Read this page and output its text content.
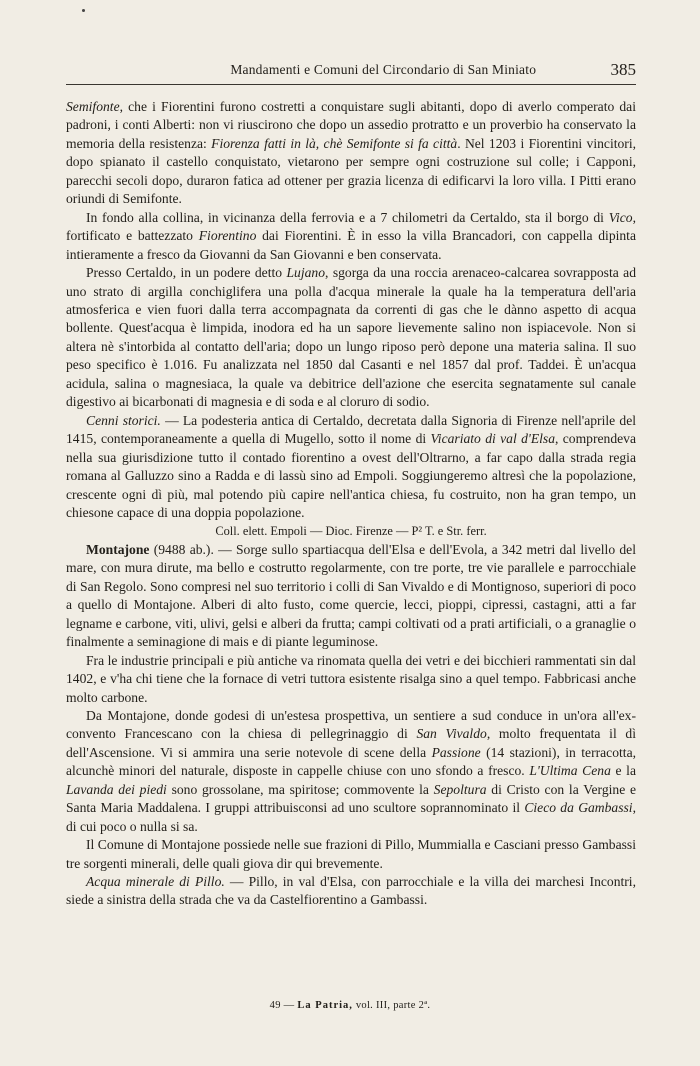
Mandamenti e Comuni del Circondario di San Miniato	385

Semifonte, che i Fiorentini furono costretti a conquistare sugli abitanti, dopo di averlo comperato dai padroni, i conti Alberti: non vi riuscirono che dopo un assedio protratto e un proverbio ha conservato la memoria della resistenza: Fiorenza fatti in là, chè Semifonte si fa città. Nel 1203 i Fiorentini vincitori, dopo spianato il castello conquistato, vietarono per sempre ogni costruzione sul colle; i Capponi, parecchi secoli dopo, duraron fatica ad ottener per grazia licenza di edificarvi la loro villa. I Pitti erano oriundi di Semifonte.

In fondo alla collina, in vicinanza della ferrovia e a 7 chilometri da Certaldo, sta il borgo di Vico, fortificato e battezzato Fiorentino dai Fiorentini. È in esso la villa Brancadori, con cappella dipinta intieramente a fresco da Giovanni da San Giovanni e ben conservata.

Presso Certaldo, in un podere detto Lujano, sgorga da una roccia arenaceo-calcarea sovrapposta ad uno strato di argilla conchiglifera una polla d'acqua minerale la quale ha la temperatura dell'aria atmosferica e vien fuori dalla terra accompagnata da correnti di gas che le dànno aspetto di acqua bollente. Quest'acqua è limpida, inodora ed ha un sapore lievemente salino non ispiacevole. Non si altera nè s'intorbida al contatto dell'aria; dopo un lungo riposo però depone una materia salina. Il suo peso specifico è 1.016. Fu analizzata nel 1850 dal Casanti e nel 1857 dal prof. Taddei. È un'acqua acidula, salina o magnesiaca, la quale va debitrice dell'azione che esercita segnatamente sul canale digestivo ai bicarbonati di magnesia e di soda e al cloruro di sodio.

Cenni storici. — La podesteria antica di Certaldo, decretata dalla Signoria di Firenze nell'aprile del 1415, contemporaneamente a quella di Mugello, sotto il nome di Vicariato di val d'Elsa, comprendeva nella sua giurisdizione tutto il contado fiorentino a ovest dell'Oltrarno, a far capo dalla strada regia romana al Galluzzo sino a Radda e di lassù sino ad Empoli. Soggiungeremo altresì che la popolazione, crescente ogni dì più, mal potendo più capire nell'antica chiesa, fu costruito, non ha gran tempo, un chiesone capace di una doppia popolazione.

Coll. elett. Empoli — Dioc. Firenze — P² T. e Str. ferr.

Montajone (9488 ab.). — Sorge sullo spartiacqua dell'Elsa e dell'Evola, a 342 metri dal livello del mare, con mura dirute, ma bello e costrutto regolarmente, con tre porte, tre vie parallele e parrocchiale di San Regolo. Sono compresi nel suo territorio i colli di San Vivaldo e di Montignoso, superiori di poco a quello di Montajone. Alberi di alto fusto, come quercie, lecci, pioppi, cipressi, castagni, atti a far legname e carbone, viti, ulivi, gelsi e alberi da frutta; campi coltivati od a prati artificiali, o a granaglie o finalmente a seminagione di mais e di piante leguminose.

Fra le industrie principali e più antiche va rinomata quella dei vetri e dei bicchieri rammentati sin dal 1402, e v'ha chi tiene che la fornace di vetri tuttora esistente risalga sino a quel tempo. Fabbricasi anche molto carbone.

Da Montajone, donde godesi di un'estesa prospettiva, un sentiere a sud conduce in un'ora all'ex-convento Francescano con la chiesa di pellegrinaggio di San Vivaldo, molto frequentata il dì dell'Ascensione. Vi si ammira una serie notevole di scene della Passione (14 stazioni), in terracotta, alcunchè minori del naturale, disposte in cappelle chiuse con uno sfondo a fresco. L'Ultima Cena e la Lavanda dei piedi sono grossolane, ma spiritose; commovente la Sepoltura di Cristo con la Vergine e Santa Maria Maddalena. I gruppi attribuisconsi ad uno scultore soprannominato il Cieco da Gambassi, di cui poco o nulla si sa.

Il Comune di Montajone possiede nelle sue frazioni di Pillo, Mummialla e Casciani presso Gambassi tre sorgenti minerali, delle quali giova dir qui brevemente.

Acqua minerale di Pillo. — Pillo, in val d'Elsa, con parrocchiale e la villa dei marchesi Incontri, siede a sinistra della strada che va da Castelfiorentino a Gambassi.

49 — La Patria, vol. III, parte 2ª.
